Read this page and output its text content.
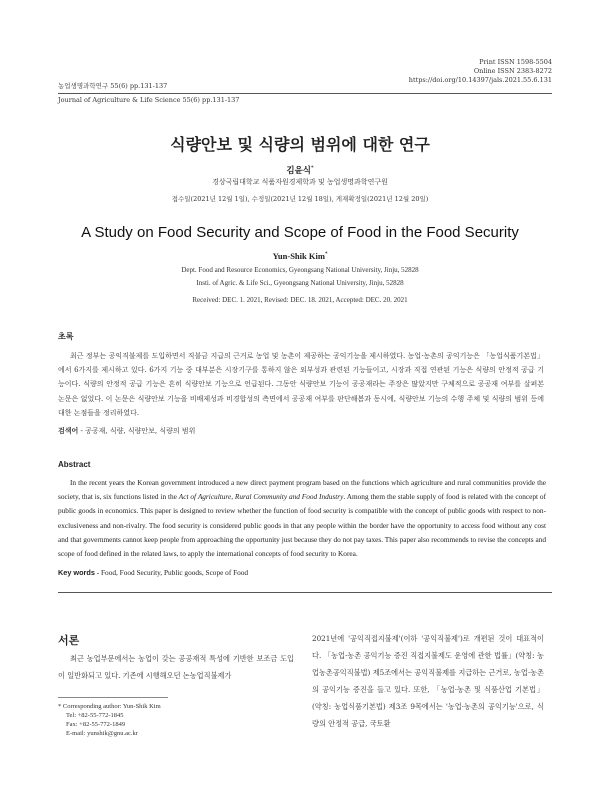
Print ISSN 1598-5504
Online ISSN 2383-8272
https://doi.org/10.14397/jals.2021.55.6.131
농업생명과학연구 55(6) pp.131-137
Journal of Agriculture & Life Science 55(6) pp.131-137
식량안보 및 식량의 범위에 대한 연구
김윤식*
경상국립대학교 식품자원경제학과 및 농업생명과학연구원
접수일(2021년 12월 1일), 수정일(2021년 12월 18일), 게재확정일(2021년 12월 20일)
A Study on Food Security and Scope of Food in the Food Security
Yun-Shik Kim*
Dept. Food and Resource Economics, Gyeongsang National University, Jinju, 52828
Insti. of Agric. & Life Sci., Gyeongsang National University, Jinju, 52828
Received: DEC. 1. 2021, Revised: DEC. 18. 2021, Accepted: DEC. 20. 2021
초록
최근 정부는 공익직불제를 도입하면서 직불금 지급의 근거로 농업 및 농촌이 제공하는 공익기능을 제시하였다. 농업·농촌의 공익기능은 「농업식품기본법」에서 6가지를 제시하고 있다. 6가지 기능 중 대부분은 시장기구를 통하지 않은 외부성과 관련된 기능들이고, 시장과 직접 연관된 기능은 식량의 안정적 공급 기능이다. 식량의 안정적 공급 기능은 흔히 식량안보 기능으로 언급된다. 그동안 식량안보 기능이 공공재라는 주장은 많았지만 구체적으로 공공재 여부를 살펴본 논문은 없었다. 이 논문은 식량안보 기능을 비배제성과 비경합성의 측면에서 공공재 여부를 판단해봄과 동시에, 식량안보 기능의 수행 주체 및 식량의 범위 등에 대한 논점들을 정리하였다.
검색어 - 공공재, 식량, 식량안보, 식량의 범위
Abstract
In the recent years the Korean government introduced a new direct payment program based on the functions which agriculture and rural communities provide the society, that is, six functions listed in the Act of Agriculture, Rural Community and Food Industry. Among them the stable supply of food is related with the concept of public goods in economics. This paper is designed to review whether the function of food security is compatible with the concept of public goods with respect to non-exclusiveness and non-rivalry. The food security is considered public goods in that any people within the border have the opportunity to access food without any cost and that governments cannot keep people from approaching the opportunity just because they do not pay taxes. This paper also recommends to revise the concepts and scope of food defined in the related laws, to apply the international concepts of food security to Korea.
Key words - Food, Food Security, Public goods, Scope of Food
서론
최근 농업부문에서는 농업이 갖는 공공재적 특성에 기반한 보조금 도입이 일반화되고 있다. 기존에 시행해오던 논농업직불제가
2021년에 '공익직접지불제'(이하 '공익직불제')로 개편된 것이 대표적이다. 「농업·농촌 공익기능 증진 직접지불제도 운영에 관한 법률」(약칭: 농업농촌공익직불법) 제5조에서는 공익직불제를 지급하는 근거로, 농업·농촌의 공익기능 증진을 들고 있다. 또한, 「농업·농촌 및 식품산업 기본법」(약칭: 농업식품기본법) 제3조 9목에서는 '농업·농촌의 공익기능'으로, 식량의 안정적 공급, 국토환
* Corresponding author: Yun-Shik Kim
Tel: +82-55-772-1845
Fax: +82-55-772-1849
E-mail: yunshik@gnu.ac.kr
